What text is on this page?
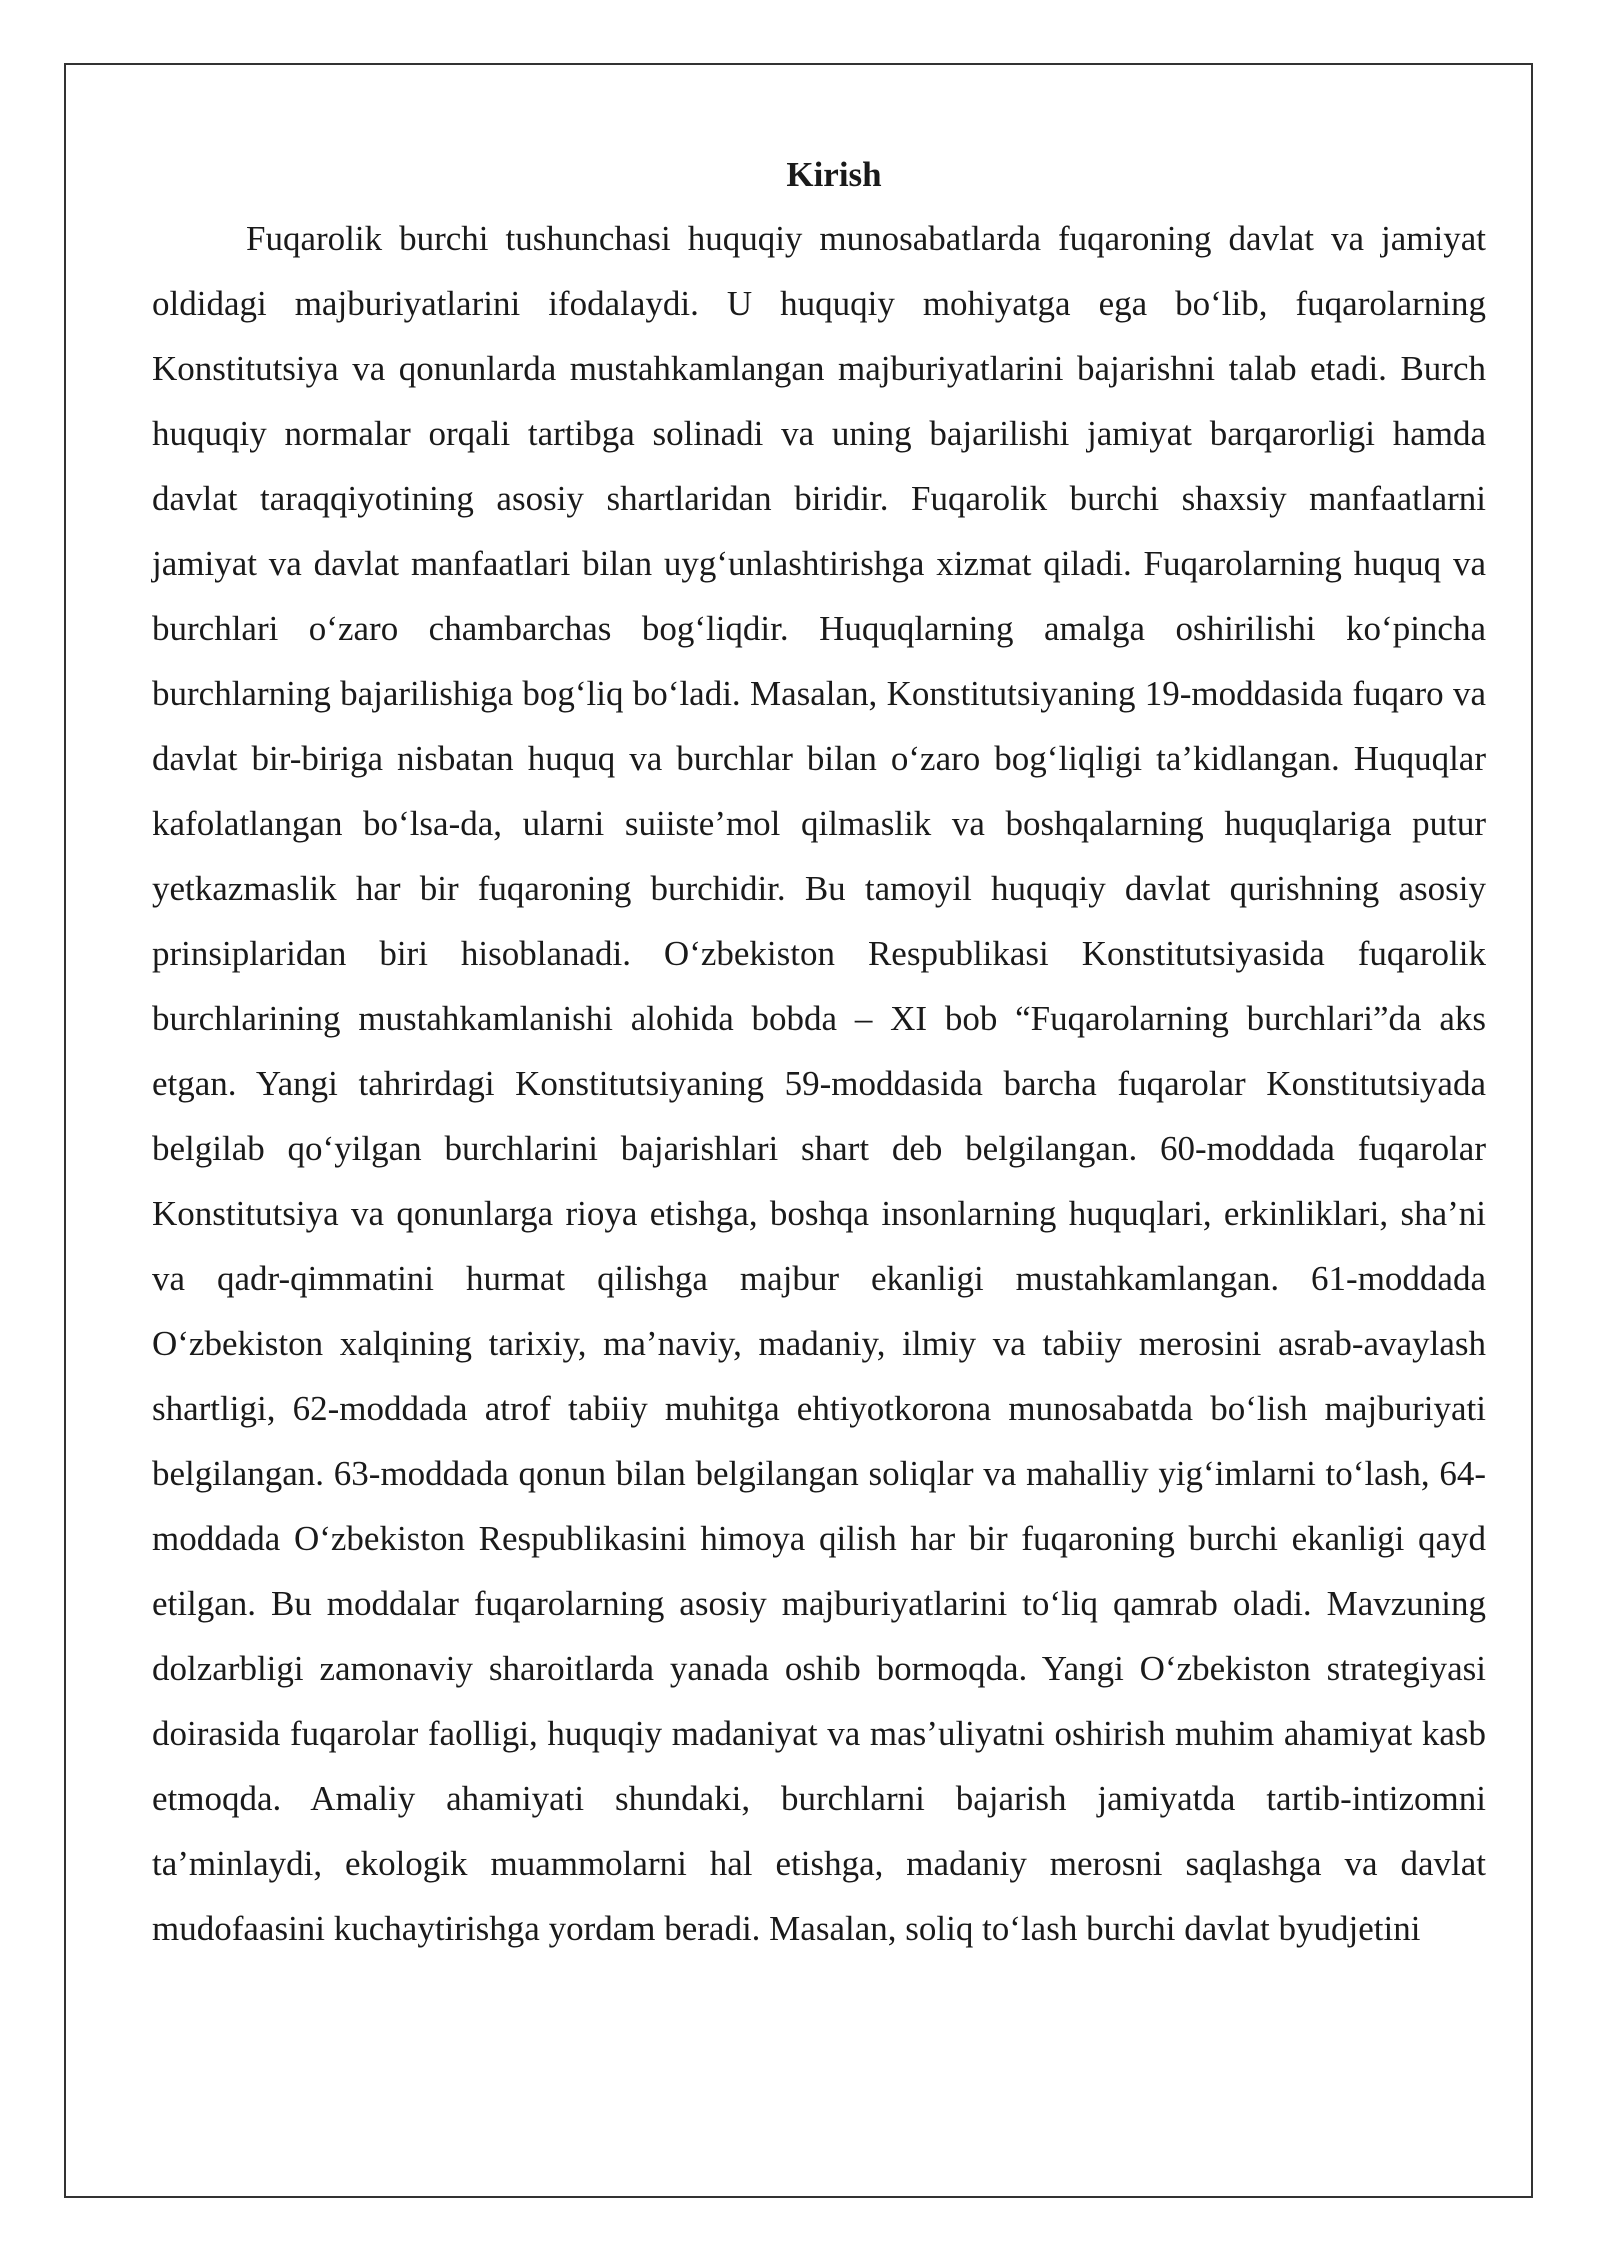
Kirish

Fuqarolik burchi tushunchasi huquqiy munosabatlarda fuqaroning davlat va jamiyat oldidagi majburiyatlarini ifodalaydi. U huquqiy mohiyatga ega bo‘lib, fuqarolarning Konstitutsiya va qonunlarda mustahkamlangan majburiyatlarini bajarishni talab etadi. Burch huquqiy normalar orqali tartibga solinadi va uning bajarilishi jamiyat barqarorligi hamda davlat taraqqiyotining asosiy shartlaridan biridir. Fuqarolik burchi shaxsiy manfaatlarni jamiyat va davlat manfaatlari bilan uyg‘unlashtirishga xizmat qiladi. Fuqarolarning huquq va burchlari o‘zaro chambarchas bog‘liqdir. Huquqlarning amalga oshirilishi ko‘pincha burchlarning bajarilishiga bog‘liq bo‘ladi. Masalan, Konstitutsiyaning 19-moddasida fuqaro va davlat bir-biriga nisbatan huquq va burchlar bilan o‘zaro bog‘liqligi ta’kidlangan. Huquqlar kafolatlangan bo‘lsa-da, ularni suiiste’mol qilmaslik va boshqalarning huquqlariga putur yetkazmaslik har bir fuqaroning burchidir. Bu tamoyil huquqiy davlat qurishning asosiy prinsiplaridan biri hisoblanadi. O‘zbekiston Respublikasi Konstitutsiyasida fuqarolik burchlarining mustahkamlanishi alohida bobda – XI bob “Fuqarolarning burchlari”da aks etgan. Yangi tahrirdagi Konstitutsiyaning 59-moddasida barcha fuqarolar Konstitutsiyada belgilab qo‘yilgan burchlarini bajarishlari shart deb belgilangan. 60-moddada fuqarolar Konstitutsiya va qonunlarga rioya etishga, boshqa insonlarning huquqlari, erkinliklari, sha’ni va qadr-qimmatini hurmat qilishga majbur ekanligi mustahkamlangan. 61-moddada O‘zbekiston xalqining tarixiy, ma’naviy, madaniy, ilmiy va tabiiy merosini asrab-avaylash shartligi, 62-moddada atrof tabiiy muhitga ehtiyotkorona munosabatda bo‘lish majburiyati belgilangan. 63-moddada qonun bilan belgilangan soliqlar va mahalliy yig‘imlarni to‘lash, 64-moddada O‘zbekiston Respublikasini himoya qilish har bir fuqaroning burchi ekanligi qayd etilgan. Bu moddalar fuqarolarning asosiy majburiyatlarini to‘liq qamrab oladi. Mavzuning dolzarbligi zamonaviy sharoitlarda yanada oshib bormoqda. Yangi O‘zbekiston strategiyasi doirasida fuqarolar faolligi, huquqiy madaniyat va mas’uliyatni oshirish muhim ahamiyat kasb etmoqda. Amaliy ahamiyati shundaki, burchlarni bajarish jamiyatda tartib-intizomni ta’minlaydi, ekologik muammolarni hal etishga, madaniy merosni saqlashga va davlat mudofaasini kuchaytirishga yordam beradi. Masalan, soliq to‘lash burchi davlat byudjetini
